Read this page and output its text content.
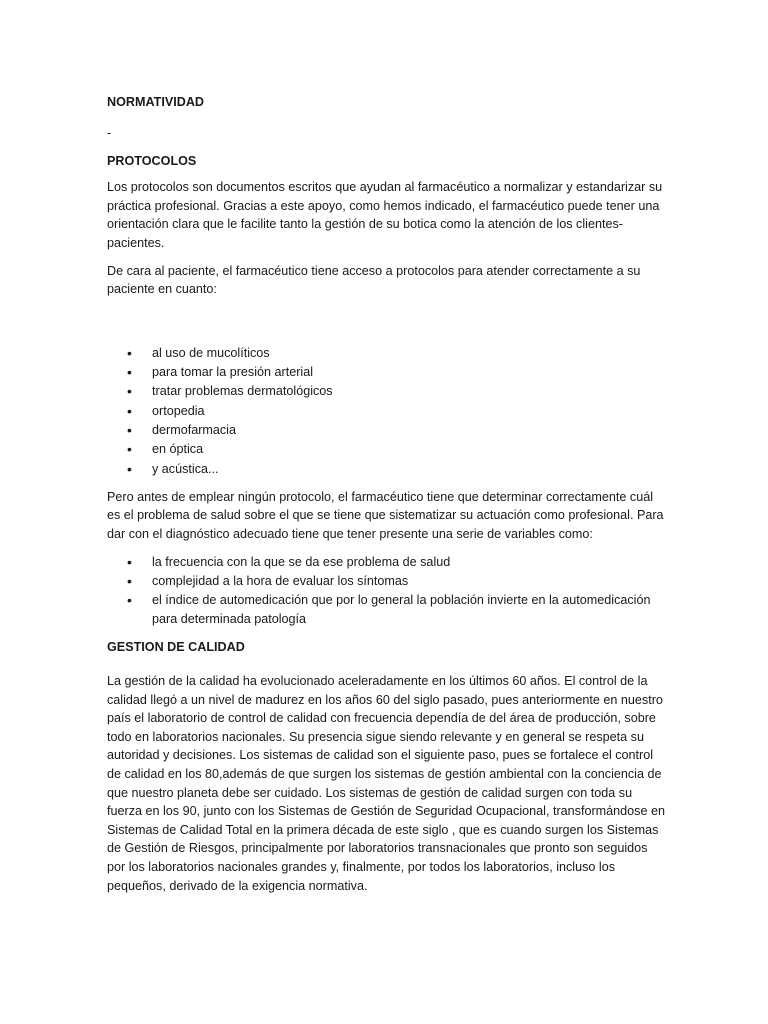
NORMATIVIDAD

-

PROTOCOLOS

Los protocolos son documentos escritos que ayudan al farmacéutico a normalizar y estandarizar su práctica profesional. Gracias a este apoyo, como hemos indicado, el farmacéutico puede tener una orientación clara que le facilite tanto la gestión de su botica como la atención de los clientes-pacientes.

De cara al paciente, el farmacéutico tiene acceso a protocolos para atender correctamente a su paciente en cuanto:

• al uso de mucolíticos
• para tomar la presión arterial
• tratar problemas dermatológicos
• ortopedia
• dermofarmacia
• en óptica
• y acústica...

Pero antes de emplear ningún protocolo, el farmacéutico tiene que determinar correctamente cuál es el problema de salud sobre el que se tiene que sistematizar su actuación como profesional. Para dar con el diagnóstico adecuado tiene que tener presente una serie de variables como:

• la frecuencia con la que se da ese problema de salud
• complejidad a la hora de evaluar los síntomas
• el índice de automedicación que por lo general la población invierte en la automedicación para determinada patología

GESTION DE CALIDAD

La gestión de la calidad ha evolucionado aceleradamente en los últimos 60 años. El control de la calidad llegó a un nivel de madurez en los años 60 del siglo pasado, pues anteriormente en nuestro país el laboratorio de control de calidad con frecuencia dependía de del área de producción, sobre todo en laboratorios nacionales. Su presencia sigue siendo relevante y en general se respeta su autoridad y decisiones. Los sistemas de calidad son el siguiente paso, pues se fortalece el control de calidad en los 80,además de que surgen los sistemas de gestión ambiental con la conciencia de que nuestro planeta debe ser cuidado. Los sistemas de gestión de calidad surgen con toda su fuerza en los 90, junto con los Sistemas de Gestión de Seguridad Ocupacional, transformándose en Sistemas de Calidad Total en la primera década de este siglo , que es cuando surgen los Sistemas de Gestión de Riesgos, principalmente por laboratorios transnacionales que pronto son seguidos por los laboratorios nacionales grandes y, finalmente, por todos los laboratorios, incluso los pequeños, derivado de la exigencia normativa.
